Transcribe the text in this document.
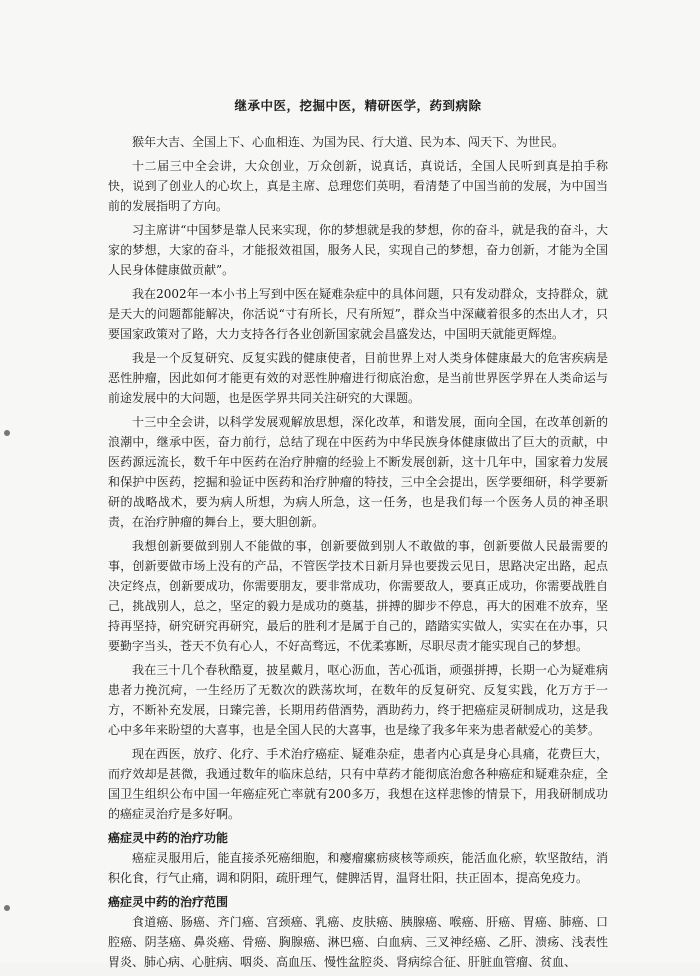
继承中医，挖掘中医，精研医学，药到病除

猴年大吉、全国上下、心血相连、为国为民、行大道、民为本、闯天下、为世民。

十二届三中全会讲，大众创业，万众创新，说真话，真说话，全国人民听到真是拍手称快，说到了创业人的心坎上，真是主席、总理您们英明，看清楚了中国当前的发展，为中国当前的发展指明了方向。

习主席讲“中国梦是靠人民来实现，你的梦想就是我的梦想，你的奋斗，就是我的奋斗，大家的梦想，大家的奋斗，才能报效祖国，服务人民，实现自己的梦想，奋力创新，才能为全国人民身体健康做贡献”。

我在2002年一本小书上写到中医在疑难杂症中的具体问题，只有发动群众，支持群众，就是天大的问题都能解决，你活说“寸有所长，尺有所短”，群众当中深藏着很多的杰出人才，只要国家政策对了路，大力支持各行各业创新国家就会昌盛发达，中国明天就能更辉煌。

我是一个反复研究、反复实践的健康使者，目前世界上对人类身体健康最大的危害疾病是恶性肿瘤，因此如何才能更有效的对恶性肿瘤进行彻底治愈，是当前世界医学界在人类命运与前途发展中的大问题，也是医学界共同关注研究的大课题。

十三中全会讲，以科学发展观解放思想，深化改革，和谐发展，面向全国，在改革创新的浪潮中，继承中医，奋力前行，总结了现在中医药为中华民族身体健康做出了巨大的贡献，中医药源远流长，数千年中医药在治疗肿瘤的经验上不断发展创新，这十几年中，国家着力发展和保护中医药，挖掘和验证中医药和治疗肿瘤的特技，三中全会提出，医学要细研，科学要新研的战略战术，要为病人所想，为病人所急，这一任务，也是我们每一个医务人员的神圣职责，在治疗肿瘤的舞台上，要大胆创新。

我想创新要做到别人不能做的事，创新要做到别人不敢做的事，创新要做人民最需要的事，创新要做市场上没有的产品，不管医学技术日新月异也要拨云见日，思路决定出路，起点决定终点，创新要成功，你需要朋友，要非常成功，你需要敌人，要真正成功，你需要战胜自己，挑战别人，总之，坚定的毅力是成功的奠基，拼搏的脚步不停息，再大的困难不放弃，坚持再坚持，研究研究再研究，最后的胜利才是属于自己的，踏踏实实做人，实实在在办事，只要勤字当头，苍天不负有心人，不好高骛远，不优柔寡断，尽职尽责才能实现自己的梦想。

我在三十几个春秋酷夏，披星戴月，呕心沥血，苦心孤诣，顽强拼搏，长期一心为疑难病患者力挽沉疴，一生经历了无数次的跌荡坎坷，在数年的反复研究、反复实践，化万方于一方，不断补充发展，日臻完善，长期用药借酒势，酒助药力，终于把癌症灵研制成功，这是我心中多年来盼望的大喜事，也是全国人民的大喜事，也是缘了我多年来为患者献爱心的美梦。

现在西医，放疗、化疗、手术治疗癌症、疑难杂症，患者内心真是身心具痛，花费巨大，而疗效却是甚微，我通过数年的临床总结，只有中草药才能彻底治愈各种癌症和疑难杂症，全国卫生组织公布中国一年癌症死亡率就有200多万，我想在这样悲惨的情景下，用我研制成功的癌症灵治疗是多好啊。

癌症灵中药的治疗功能

癌症灵服用后，能直接杀死癌细胞，和瘿瘤瘰疬痰核等顽疾，能活血化瘀，软坚散结，消积化食，行气止痛，调和阴阳，疏肝理气，健脾活胃，温肾壮阳，扶正固本，提高免疫力。

癌症灵中药的治疗范围

食道癌、肠癌、齐门癌、宫颈癌、乳癌、皮肤癌、胰腺癌、喉癌、肝癌、胃癌、肺癌、口腔癌、阴茎癌、鼻炎癌、骨癌、胸腺癌、淋巴癌、白血病、三叉神经癌、乙肝、溃疡、浅表性胃炎、肺心病、心脏病、咽炎、高血压、慢性盆腔炎、肾病综合征、肝脏血管瘤、贫血、
